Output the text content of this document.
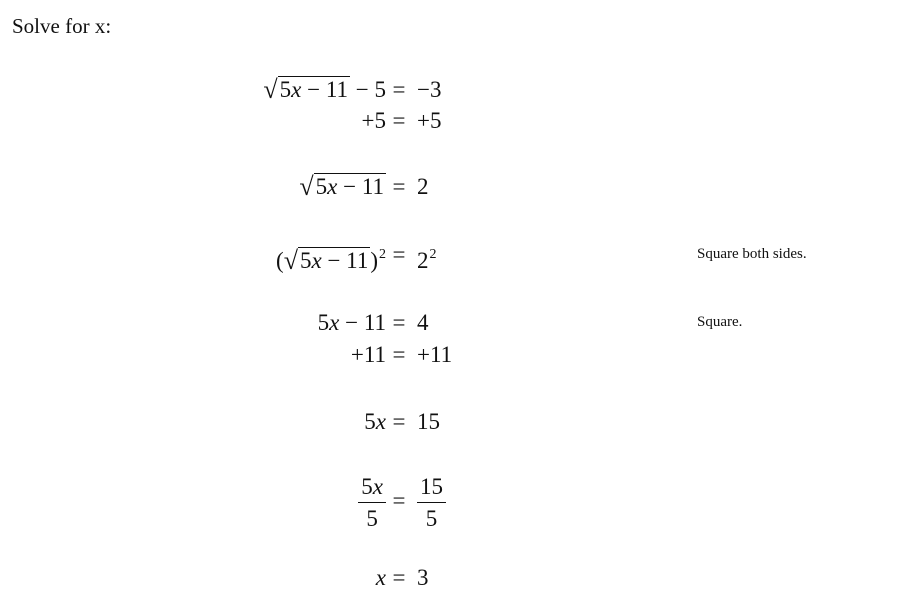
Solve for x:
√5x − 11 − 5 = −3
+5 = +5
√5x − 11 = 2
$(√5x - 11)^2 = 2^2$	Square both sides.
5x − 11 = 4	Square.
+11 = +11
5x = 15
$\frac{5x}{5} = \frac{15}{5}$
x = 3
